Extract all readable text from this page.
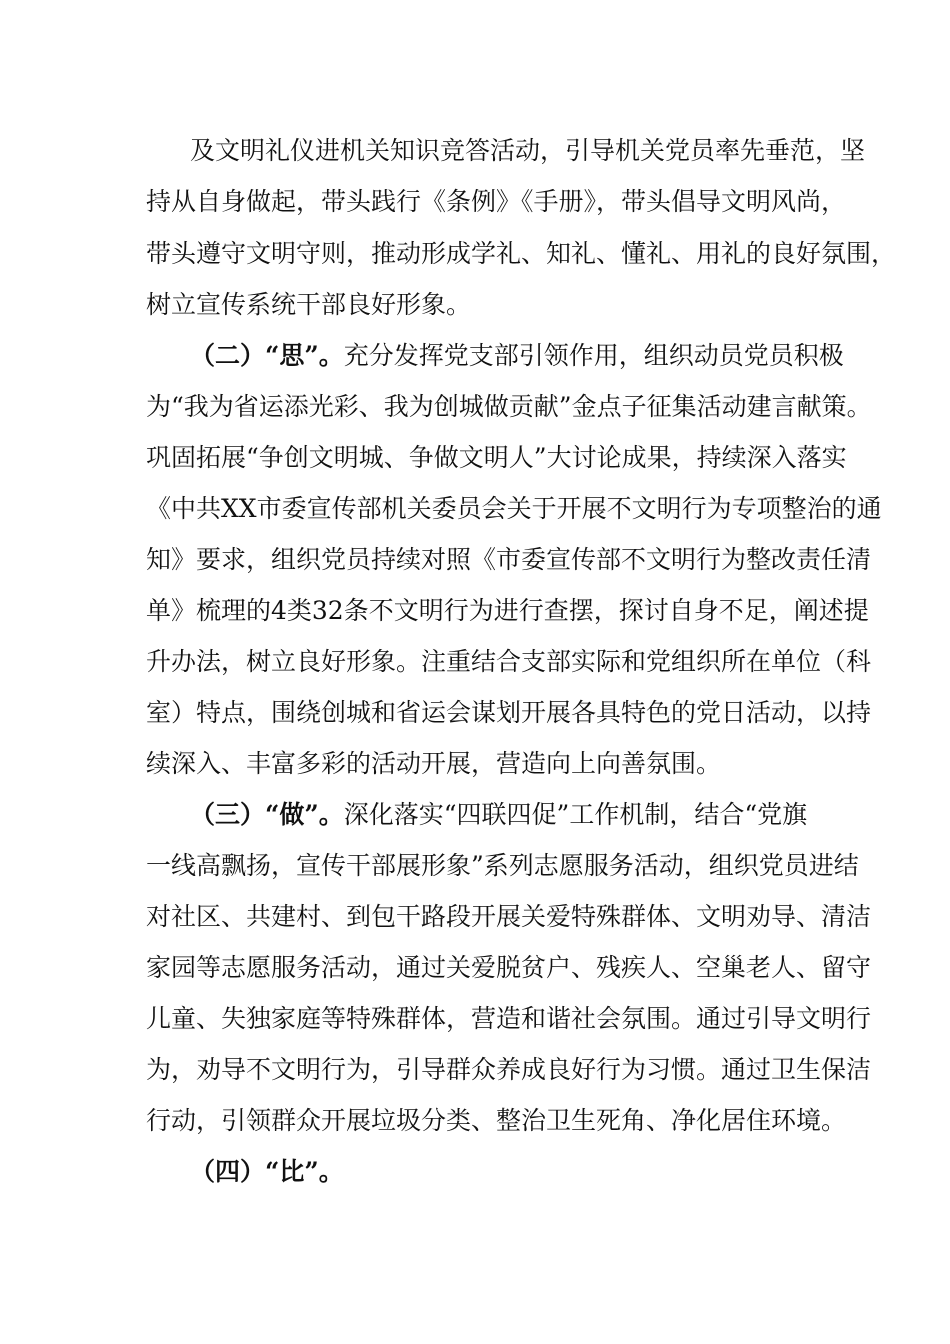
及文明礼仪进机关知识竞答活动，引导机关党员率先垂范，坚
持从自身做起，带头践行《条例》《手册》，带头倡导文明风尚，
带头遵守文明守则，推动形成学礼、知礼、懂礼、用礼的良好氛围，
树立宣传系统干部良好形象。
（二）“思”。充分发挥党支部引领作用，组织动员党员积极
为“我为省运添光彩、我为创城做贡献”金点子征集活动建言献策。
巩固拓展“争创文明城、争做文明人”大讨论成果，持续深入落实
《中共XX市委宣传部机关委员会关于开展不文明行为专项整治的通
知》要求，组织党员持续对照《市委宣传部不文明行为整改责任清
单》梳理的4类32条不文明行为进行查摆，探讨自身不足，阐述提
升办法，树立良好形象。注重结合支部实际和党组织所在单位（科
室）特点，围绕创城和省运会谋划开展各具特色的党日活动，以持
续深入、丰富多彩的活动开展，营造向上向善氛围。
（三）“做”。深化落实“四联四促”工作机制，结合“党旗
一线高飘扬，宣传干部展形象”系列志愿服务活动，组织党员进结
对社区、共建村、到包干路段开展关爱特殊群体、文明劝导、清洁
家园等志愿服务活动，通过关爱脱贫户、残疾人、空巢老人、留守
儿童、失独家庭等特殊群体，营造和谐社会氛围。通过引导文明行
为，劝导不文明行为，引导群众养成良好行为习惯。通过卫生保洁
行动，引领群众开展垃圾分类、整治卫生死角、净化居住环境。
（四）“比”。
